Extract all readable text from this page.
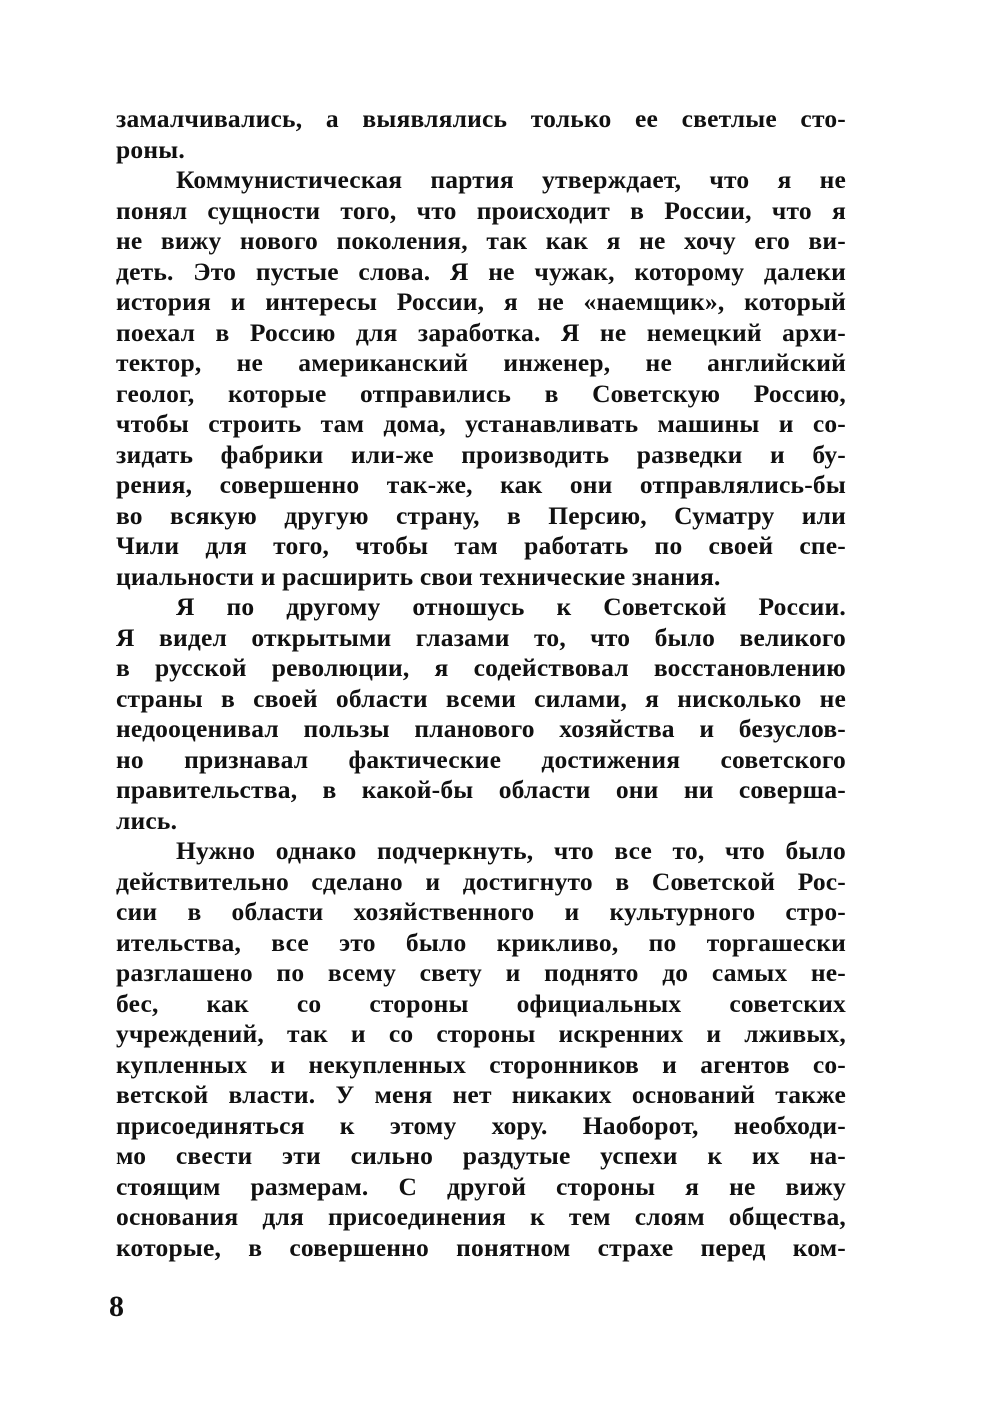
замалчивались, а выявлялись только ее светлые сто-
роны.
Коммунистическая партия утверждает, что я не
понял сущности того, что происходит в России, что я
не вижу нового поколения, так как я не хочу его ви-
деть. Это пустые слова. Я не чужак, которому далеки
история и интересы России, я не «наемщик», который
поехал в Россию для заработка. Я не немецкий архи-
тектор, не американский инженер, не английский
геолог, которые отправились в Советскую Россию,
чтобы строить там дома, устанавливать машины и со-
зидать фабрики или-же производить разведки и бу-
рения, совершенно так-же, как они отправлялись-бы
во всякую другую страну, в Персию, Суматру или
Чили для того, чтобы там работать по своей спе-
циальности и расширить свои технические знания.
Я по другому отношусь к Советской России.
Я видел открытыми глазами то, что было великого
в русской революции, я содействовал восстановлению
страны в своей области всеми силами, я нисколько не
недооценивал пользы планового хозяйства и безуслов-
но признавал фактические достижения советского
правительства, в какой-бы области они ни соверша-
лись.
Нужно однако подчеркнуть, что все то, что было
действительно сделано и достигнуто в Советской Рос-
сии в области хозяйственного и культурного стро-
ительства, все это было крикливо, по торгашески
разглашено по всему свету и поднято до самых не-
бес, как со стороны официальных советских
учреждений, так и со стороны искренних и лживых,
купленных и некупленных сторонников и агентов со-
ветской власти. У меня нет никаких оснований также
присоединяться к этому хору. Наоборот, необходи-
мо свести эти сильно раздутые успехи к их на-
стоящим размерам. С другой стороны я не вижу
основания для присоединения к тем слоям общества,
которые, в совершенно понятном страхе перед ком-
8
